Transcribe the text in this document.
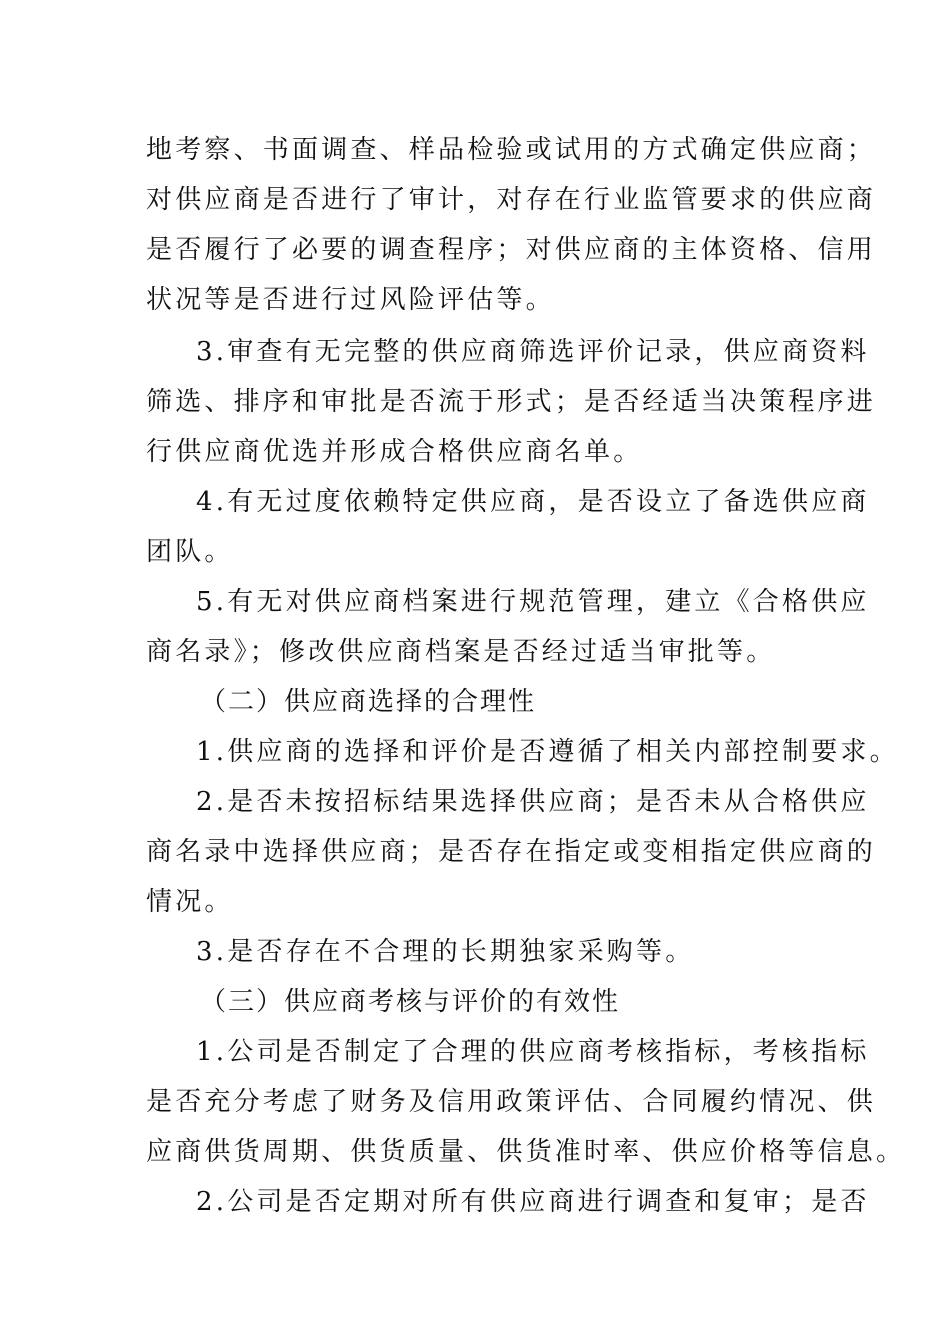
地考察、书面调查、样品检验或试用的方式确定供应商；
对供应商是否进行了审计，对存在行业监管要求的供应商
是否履行了必要的调查程序；对供应商的主体资格、信用
状况等是否进行过风险评估等。
3.审查有无完整的供应商筛选评价记录，供应商资料
筛选、排序和审批是否流于形式；是否经适当决策程序进
行供应商优选并形成合格供应商名单。
4.有无过度依赖特定供应商，是否设立了备选供应商
团队。
5.有无对供应商档案进行规范管理，建立《合格供应
商名录》；修改供应商档案是否经过适当审批等。
（二）供应商选择的合理性
1.供应商的选择和评价是否遵循了相关内部控制要求。
2.是否未按招标结果选择供应商；是否未从合格供应
商名录中选择供应商；是否存在指定或变相指定供应商的
情况。
3.是否存在不合理的长期独家采购等。
（三）供应商考核与评价的有效性
1.公司是否制定了合理的供应商考核指标，考核指标
是否充分考虑了财务及信用政策评估、合同履约情况、供
应商供货周期、供货质量、供货准时率、供应价格等信息。
2.公司是否定期对所有供应商进行调查和复审；是否
